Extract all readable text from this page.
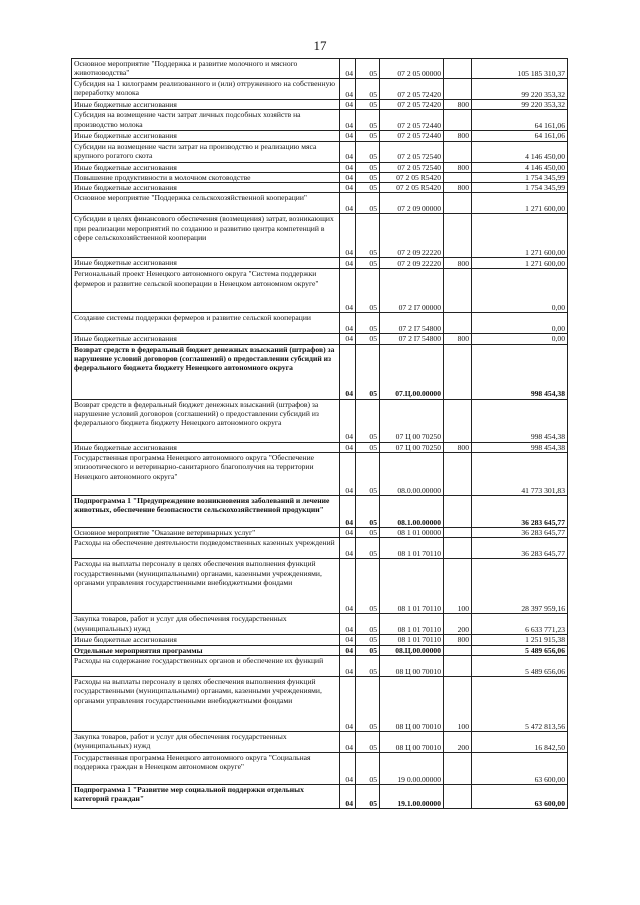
17
Основное мероприятие "Поддержка и развитие молочного и мясного животноводства"	04	05	07 2 05 00000		105 185 310,37
Субсидия на 1 килограмм реализованного и (или) отгруженного на собственную переработку молока	04	05	07 2 05 72420		99 220 353,32
Иные бюджетные ассигнования	04	05	07 2 05 72420	800	99 220 353,32
Субсидия на возмещение части затрат личных подсобных хозяйств на производство молока	04	05	07 2 05 72440		64 161,06
Иные бюджетные ассигнования	04	05	07 2 05 72440	800	64 161,06
Субсидии на возмещение части затрат на производство и реализацию мяса крупного рогатого скота	04	05	07 2 05 72540		4 146 450,00
Иные бюджетные ассигнования	04	05	07 2 05 72540	800	4 146 450,00
Повышение продуктивности в молочном скотоводстве	04	05	07 2 05 R5420		1 754 345,99
Иные бюджетные ассигнования	04	05	07 2 05 R5420	800	1 754 345,99
Основное мероприятие "Поддержка сельскохозяйственной кооперации"	04	05	07 2 09 00000		1 271 600,00
Субсидии в целях финансового обеспечения (возмещения) затрат, возникающих при реализации мероприятий по созданию и развитию центра компетенций в сфере сельскохозяйственной кооперации	04	05	07 2 09 22220		1 271 600,00
Иные бюджетные ассигнования	04	05	07 2 09 22220	800	1 271 600,00
Региональный проект Ненецкого автономного округа "Система поддержки фермеров и развитие сельской кооперации в Ненецком автономном округе"	04	05	07 2 I7 00000		0,00
Создание системы поддержки фермеров и развитие сельской кооперации	04	05	07 2 I7 54800		0,00
Иные бюджетные ассигнования	04	05	07 2 I7 54800	800	0,00
Возврат средств в федеральный бюджет денежных взысканий (штрафов) за нарушение условий договоров (соглашений) о предоставлении субсидий из федерального бюджета бюджету Ненецкого автономного округа	04	05	07.Ц.00.00000		998 454,38
Возврат средств в федеральный бюджет денежных взысканий (штрафов) за нарушение условий договоров (соглашений) о предоставлении субсидий из федерального бюджета бюджету Ненецкого автономного округа	04	05	07 Ц 00 70250		998 454,38
Иные бюджетные ассигнования	04	05	07 Ц 00 70250	800	998 454,38
Государственная программа Ненецкого автономного округа "Обеспечение эпизоотического и ветеринарно-санитарного благополучия на территории Ненецкого автономного округа"	04	05	08.0.00.00000		41 773 301,83
Подпрограмма 1 "Предупреждение возникновения заболеваний и лечение животных, обеспечение безопасности сельскохозяйственной продукции"	04	05	08.1.00.00000		36 283 645,77
Основное мероприятие "Оказание ветеринарных услуг"	04	05	08 1 01 00000		36 283 645,77
Расходы на обеспечение деятельности подведомственных казенных учреждений	04	05	08 1 01 70110		36 283 645,77
Расходы на выплаты персоналу в целях обеспечения выполнения функций государственными (муниципальными) органами, казенными учреждениями, органами управления государственными внебюджетными фондами	04	05	08 1 01 70110	100	28 397 959,16
Закупка товаров, работ и услуг для обеспечения государственных (муниципальных) нужд	04	05	08 1 01 70110	200	6 633 771,23
Иные бюджетные ассигнования	04	05	08 1 01 70110	800	1 251 915,38
Отдельные мероприятия программы	04	05	08.Ц.00.00000		5 489 656,06
Расходы на содержание государственных органов и обеспечение их функций	04	05	08 Ц 00 70010		5 489 656,06
Расходы на выплаты персоналу в целях обеспечения выполнения функций государственными (муниципальными) органами, казенными учреждениями, органами управления государственными внебюджетными фондами	04	05	08 Ц 00 70010	100	5 472 813,56
Закупка товаров, работ и услуг для обеспечения государственных (муниципальных) нужд	04	05	08 Ц 00 70010	200	16 842,50
Государственная программа Ненецкого автономного округа "Социальная поддержка граждан в Ненецком автономном округе"	04	05	19 0.00.00000		63 600,00
Подпрограмма 1 "Развитие мер социальной поддержки отдельных категорий граждан"	04	05	19.1.00.00000		63 600,00
